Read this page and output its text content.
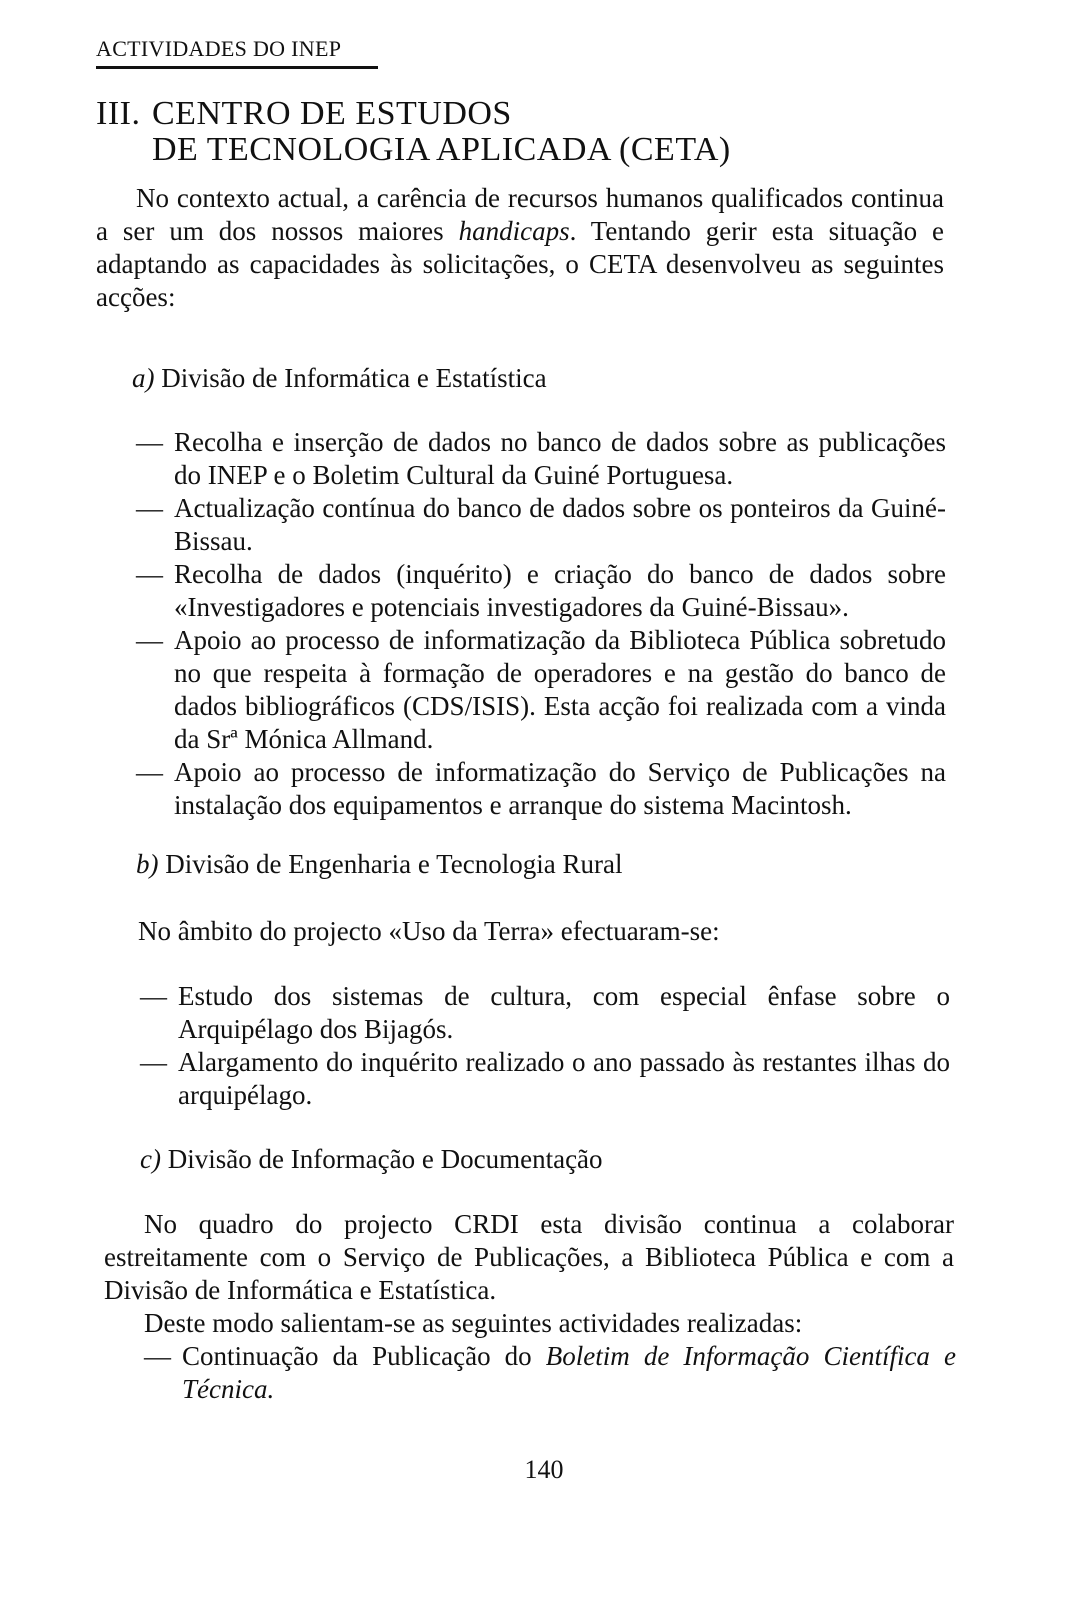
ACTIVIDADES DO INEP
III. CENTRO DE ESTUDOS
DE TECNOLOGIA APLICADA (CETA)

No contexto actual, a carência de recursos humanos qualificados continua a ser um dos nossos maiores handicaps. Tentando gerir esta situação e adaptando as capacidades às solicitações, o CETA desenvolveu as seguintes acções:

a) Divisão de Informática e Estatística
— Recolha e inserção de dados no banco de dados sobre as publicações do INEP e o Boletim Cultural da Guiné Portuguesa.
— Actualização contínua do banco de dados sobre os ponteiros da Guiné-Bissau.
— Recolha de dados (inquérito) e criação do banco de dados sobre «Investigadores e potenciais investigadores da Guiné-Bissau».
— Apoio ao processo de informatização da Biblioteca Pública sobretudo no que respeita à formação de operadores e na gestão do banco de dados bibliográficos (CDS/ISIS). Esta acção foi realizada com a vinda da Srª Mónica Allmand.
— Apoio ao processo de informatização do Serviço de Publicações na instalação dos equipamentos e arranque do sistema Macintosh.
b) Divisão de Engenharia e Tecnologia Rural
No âmbito do projecto «Uso da Terra» efectuaram-se:
— Estudo dos sistemas de cultura, com especial ênfase sobre o Arquipélago dos Bijagós.
— Alargamento do inquérito realizado o ano passado às restantes ilhas do arquipélago.
c) Divisão de Informação e Documentação

No quadro do projecto CRDI esta divisão continua a colaborar estreitamente com o Serviço de Publicações, a Biblioteca Pública e com a Divisão de Informática e Estatística.

Deste modo salientam-se as seguintes actividades realizadas:
— Continuação da Publicação do Boletim de Informação Científica e Técnica.
140
